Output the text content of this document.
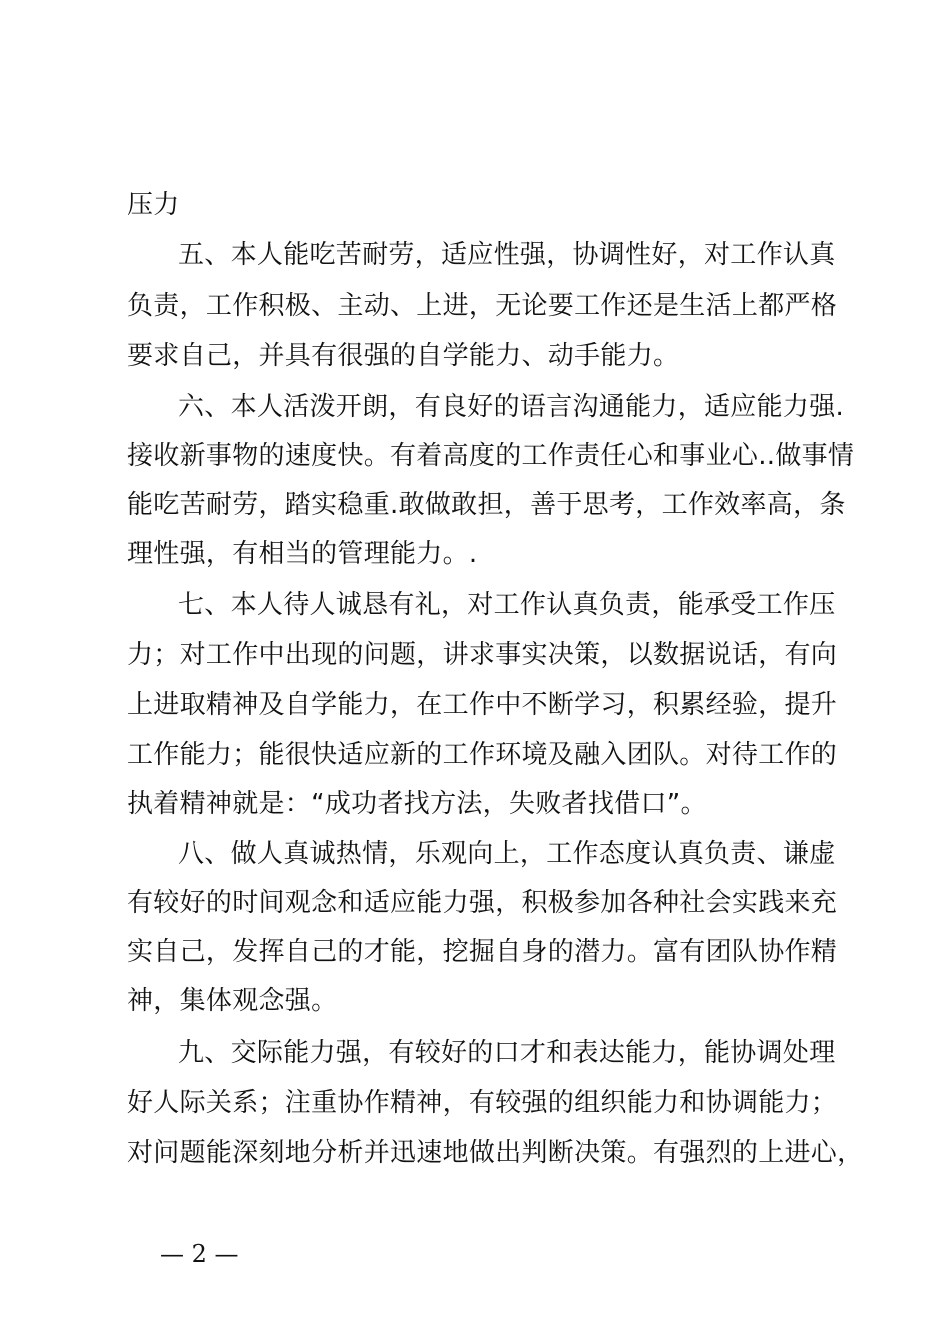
压力
五、本人能吃苦耐劳，适应性强，协调性好，对工作认真
负责，工作积极、主动、上进，无论要工作还是生活上都严格
要求自己，并具有很强的自学能力、动手能力。
六、本人活泼开朗，有良好的语言沟通能力，适应能力强.
接收新事物的速度快。有着高度的工作责任心和事业心..做事情
能吃苦耐劳，踏实稳重.敢做敢担，善于思考，工作效率高，条
理性强，有相当的管理能力。.
七、本人待人诚恳有礼，对工作认真负责，能承受工作压
力；对工作中出现的问题，讲求事实决策，以数据说话，有向
上进取精神及自学能力，在工作中不断学习，积累经验，提升
工作能力；能很快适应新的工作环境及融入团队。对待工作的
执着精神就是：“成功者找方法，失败者找借口”。
八、做人真诚热情，乐观向上，工作态度认真负责、谦虚
有较好的时间观念和适应能力强，积极参加各种社会实践来充
实自己，发挥自己的才能，挖掘自身的潜力。富有团队协作精
神，集体观念强。
九、交际能力强，有较好的口才和表达能力，能协调处理
好人际关系；注重协作精神，有较强的组织能力和协调能力；
对问题能深刻地分析并迅速地做出判断决策。有强烈的上进心，
— 2 —
